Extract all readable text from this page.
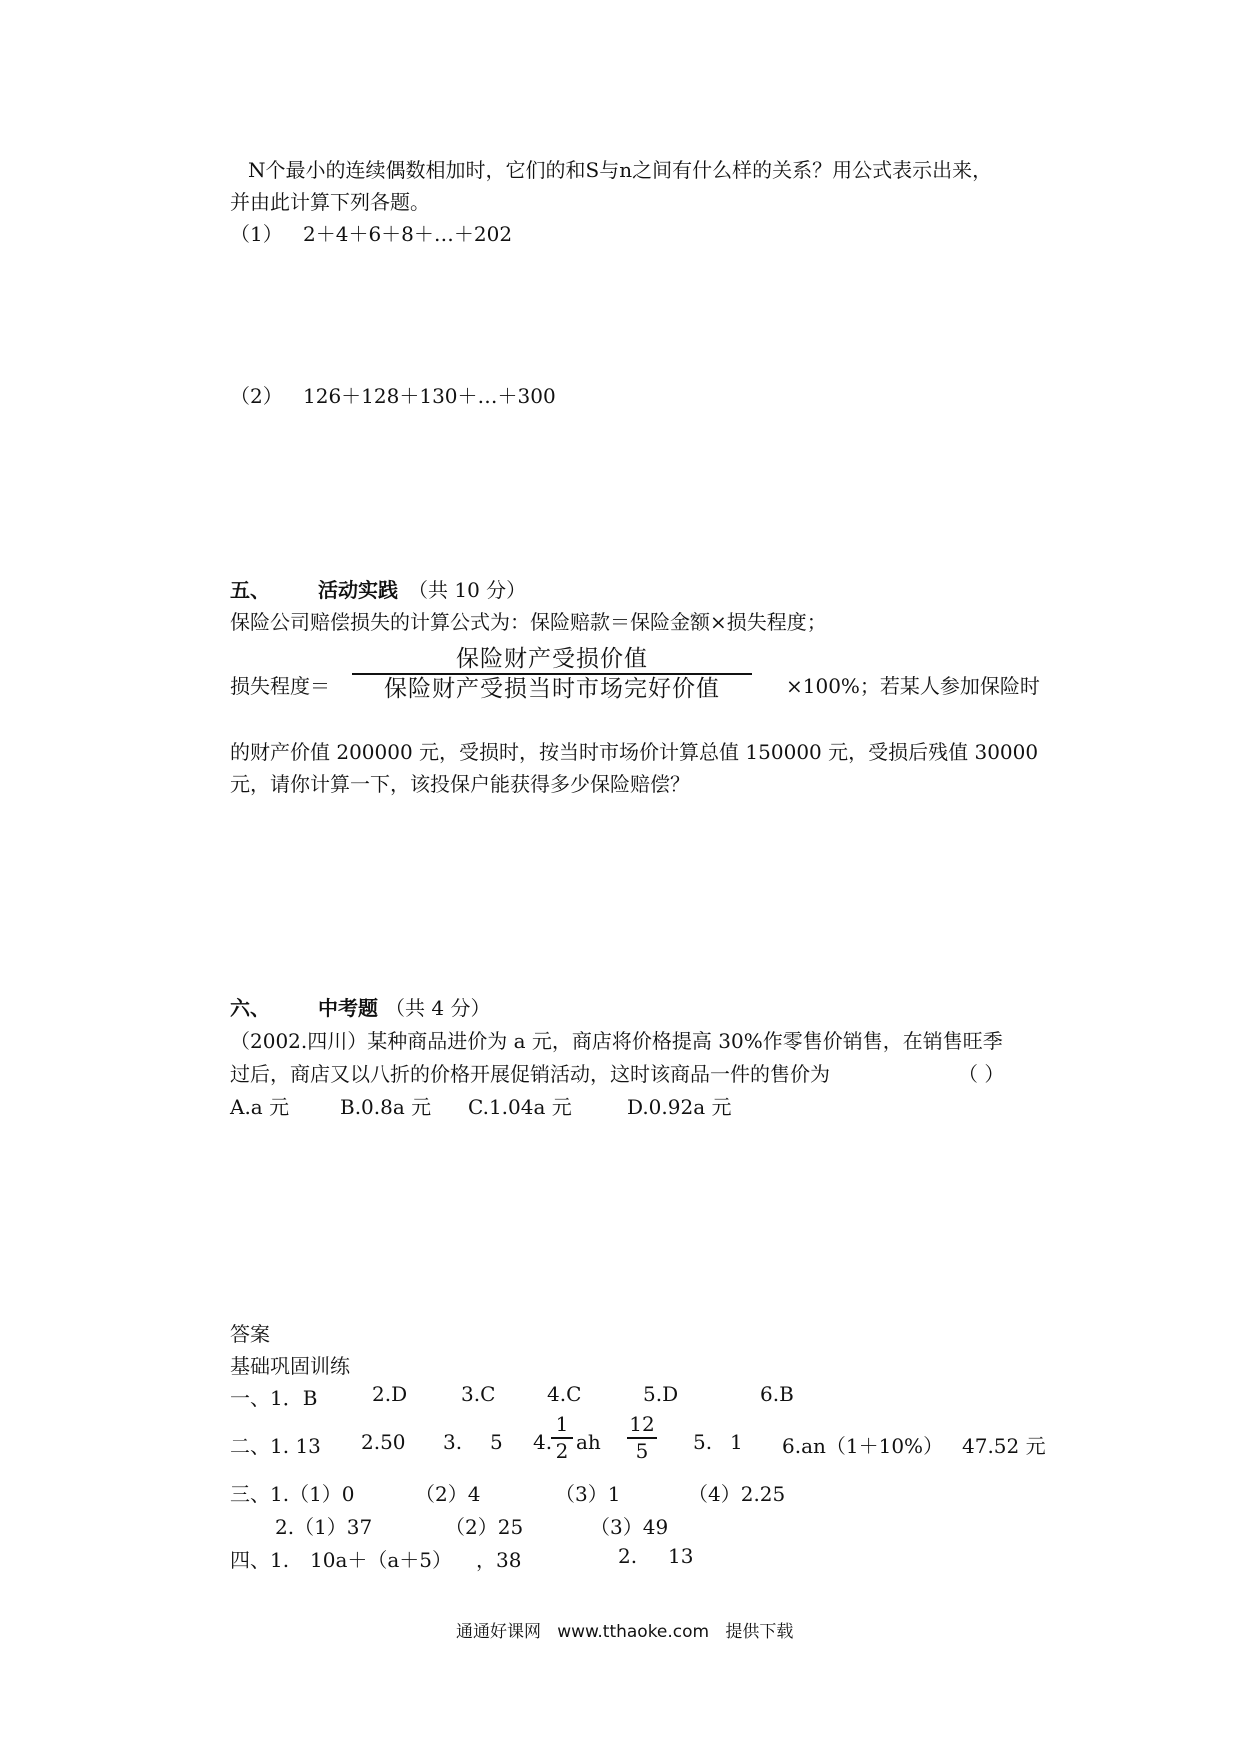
N个最小的连续偶数相加时，它们的和S与n之间有什么样的关系？用公式表示出来，
并由此计算下列各题。
（1） 2＋4＋6＋8＋…＋202
（2） 126＋128＋130＋…＋300
五、 活动实践 （共 10 分）
保险公司赔偿损失的计算公式为：保险赔款＝保险金额×损失程度；
损失程度＝
保险财产受损价值
保险财产受损当时市场完好价值	×100%；若某人参加保险时
的财产价值 200000 元，受损时，按当时市场价计算总值 150000 元，受损后残值 30000
元，请你计算一下，该投保户能获得多少保险赔偿？
六、 中考题 （共 4 分）
（2002.四川）某种商品进价为 a 元，商店将价格提高 30%作零售价销售，在销售旺季
过后，商店又以八折的价格开展促销活动，这时该商品一件的售价为	（ ）
A.a 元	B.0.8a 元 C.1.04a 元	D.0.92a 元
答案
基础巩固训练
一、1．B	2.D	3.C	4.C	5.D	6.B
二、1. 13 2.50 3. 5 4.
1
2 ah
12
5	5. 1 6.an（1＋10%） 47.52 元
三、1.（1）0	（2）4	（3）1	（4）2.25
2.（1）37	（2）25	（3）49
四、1. 10a＋（a＋5） ，38	2. 13
通通好课网 www.tthaoke.com 提供下载
